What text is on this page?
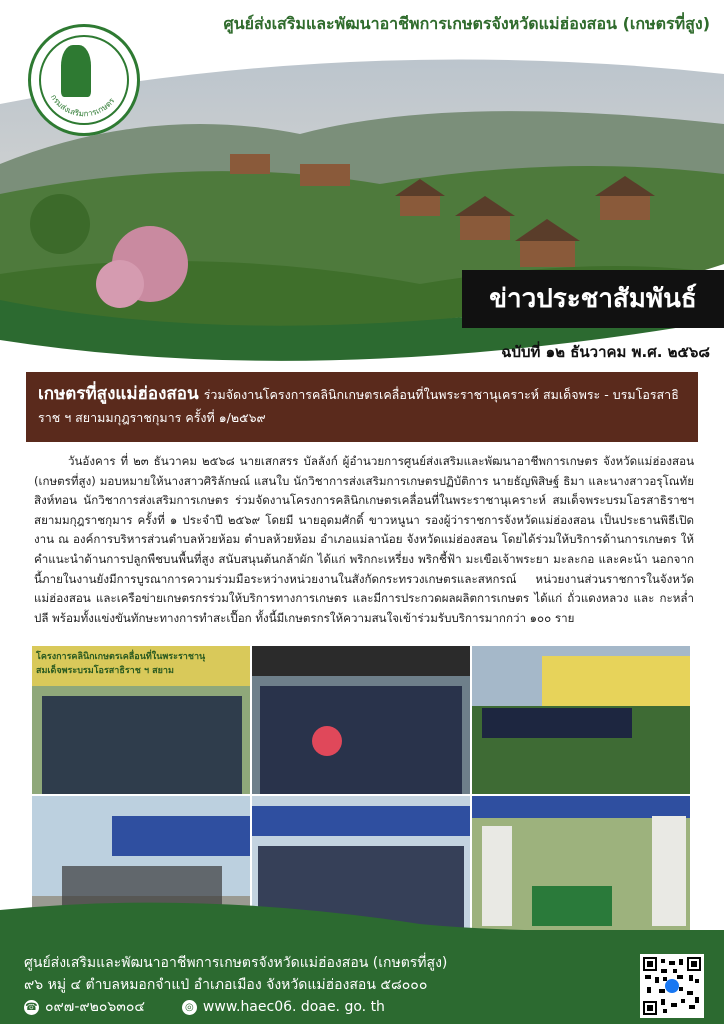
ศูนย์ส่งเสริมและพัฒนาอาชีพการเกษตรจังหวัดแม่ฮ่องสอน (เกษตรที่สูง)
กรมส่งเสริมการเกษตร
ข่าวประชาสัมพันธ์
ฉบับที่ ๑๒ ธันวาคม พ.ศ. ๒๕๖๘
เกษตรที่สูงแม่ฮ่องสอน ร่วมจัดงานโครงการคลินิกเกษตรเคลื่อนที่ในพระราชานุเคราะห์ สมเด็จพระ - บรมโอรสาธิราช ฯ สยามมกุฎราชกุมาร ครั้งที่ ๑/๒๕๖๙
วันอังคาร ที่ ๒๓ ธันวาคม ๒๕๖๘ นายเสกสรร บัลลังก์ ผู้อำนวยการศูนย์ส่งเสริมและพัฒนาอาชีพการเกษตร จังหวัดแม่ฮ่องสอน (เกษตรที่สูง) มอบหมายให้นางสาวศิริลักษณ์ แสนใบ นักวิชาการส่งเสริมการเกษตรปฏิบัติการ นายธัญพิสิษฐ์ ธิมา และนางสาวอรุโณทัย สิงห์ทอน นักวิชาการส่งเสริมการเกษตร ร่วมจัดงานโครงการคลินิกเกษตรเคลื่อนที่ในพระราชานุเคราะห์ สมเด็จพระบรมโอรสาธิราชฯ สยามมกุฎราชกุมาร ครั้งที่ ๑ ประจำปี ๒๕๖๙ โดยมี นายอุดมศักดิ์ ขาวหนูนา รองผู้ว่าราชการจังหวัดแม่ฮ่องสอน เป็นประธานพิธีเปิดงาน ณ องค์การบริหารส่วนตำบลห้วยห้อม ตำบลห้วยห้อม อำเภอแม่ลาน้อย จังหวัดแม่ฮ่องสอน โดยได้ร่วมให้บริการด้านการเกษตร ให้คำแนะนำด้านการปลูกพืชบนพื้นที่สูง สนับสนุนต้นกล้าผัก ได้แก่ พริกกะเหรี่ยง พริกชี้ฟ้า มะเขือเจ้าพระยา มะละกอ และคะน้า นอกจากนี้ภายในงานยังมีการบูรณาการความร่วมมือระหว่างหน่วยงานในสังกัดกระทรวงเกษตรและสหกรณ์ หน่วยงานส่วนราชการในจังหวัดแม่ฮ่องสอน และเครือข่ายเกษตรกรร่วมให้บริการทางการเกษตร และมีการประกวดผลผลิตการเกษตร ได้แก่ ถั่วแดงหลวง และ กะหล่ำปลี พร้อมทั้งแข่งขันทักษะทางการทำสะเปื๊อก ทั้งนี้มีเกษตรกรให้ความสนใจเข้าร่วมรับบริการมากกว่า ๑๐๐ ราย
โครงการคลินิกเกษตรเคลื่อนที่ในพระราชานุ
สมเด็จพระบรมโอรสาธิราช ฯ สยาม
ศูนย์ส่งเสริมและพัฒนาอาชีพการเกษตรจังหวัดแม่ฮ่องสอน (เกษตรที่สูง)
๙๖ หมู่ ๔ ตำบลหมอกจำแป่ อำเภอเมือง จังหวัดแม่ฮ่องสอน ๕๘๐๐๐
☎ ๐๙๗-๙๒๐๖๓๐๔	◎ www.haec06. doae. go. th
